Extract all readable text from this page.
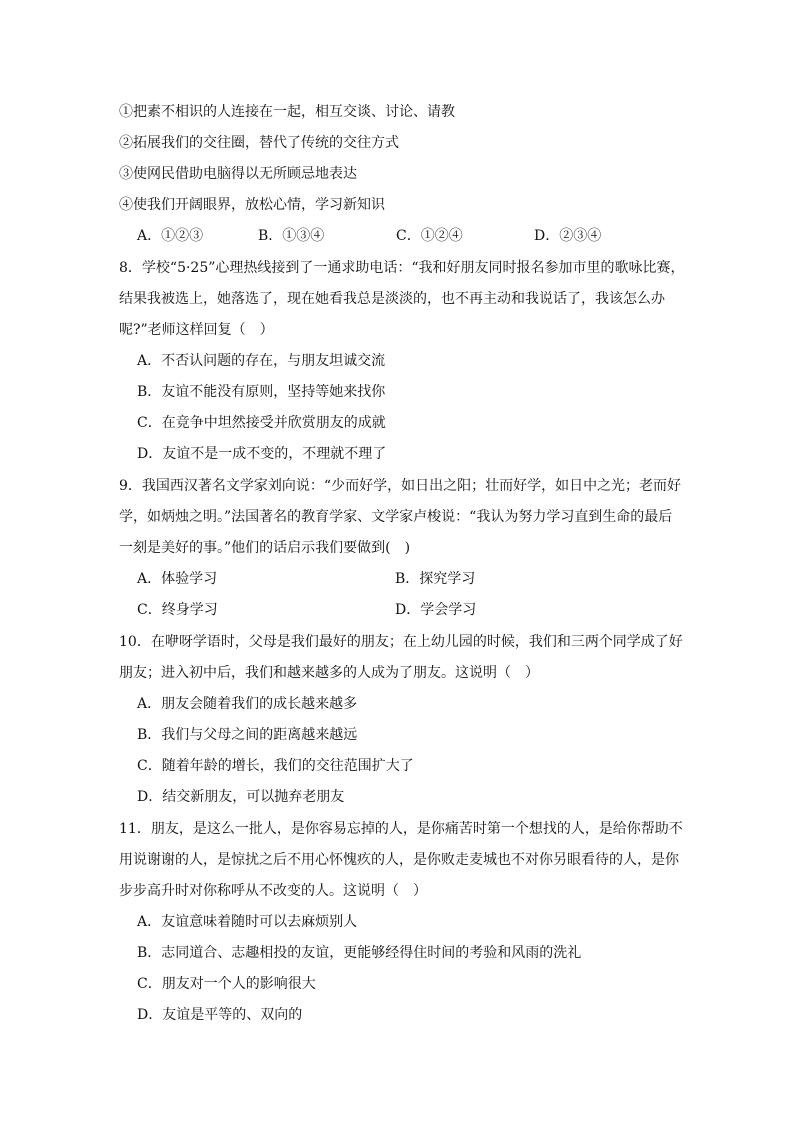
①把素不相识的人连接在一起，相互交谈、讨论、请教
②拓展我们的交往圈，替代了传统的交往方式
③使网民借助电脑得以无所顾忌地表达
④使我们开阔眼界，放松心情，学习新知识
A．①②③	B．①③④	C．①②④	D．②③④
8．学校“5·25”心理热线接到了一通求助电话：“我和好朋友同时报名参加市里的歌咏比赛，
结果我被选上，她落选了，现在她看我总是淡淡的，也不再主动和我说话了，我该怎么办
呢?”老师这样回复（　）
A．不否认问题的存在，与朋友坦诚交流
B．友谊不能没有原则，坚持等她来找你
C．在竞争中坦然接受并欣赏朋友的成就
D．友谊不是一成不变的，不理就不理了
9．我国西汉著名文学家刘向说：“少而好学，如日出之阳；壮而好学，如日中之光；老而好
学，如炳烛之明。”法国著名的教育学家、文学家卢梭说：“我认为努力学习直到生命的最后
一刻是美好的事。”他们的话启示我们要做到(　)
A．体验学习	B．探究学习
C．终身学习	D．学会学习
10．在咿呀学语时，父母是我们最好的朋友；在上幼儿园的时候，我们和三两个同学成了好
朋友；进入初中后，我们和越来越多的人成为了朋友。这说明（　）
A．朋友会随着我们的成长越来越多
B．我们与父母之间的距离越来越远
C．随着年龄的增长，我们的交往范围扩大了
D．结交新朋友，可以抛弃老朋友
11．朋友，是这么一批人，是你容易忘掉的人，是你痛苦时第一个想找的人，是给你帮助不
用说谢谢的人，是惊扰之后不用心怀愧疚的人，是你败走麦城也不对你另眼看待的人，是你
步步高升时对你称呼从不改变的人。这说明（　）
A．友谊意味着随时可以去麻烦别人
B．志同道合、志趣相投的友谊，更能够经得住时间的考验和风雨的洗礼
C．朋友对一个人的影响很大
D．友谊是平等的、双向的
